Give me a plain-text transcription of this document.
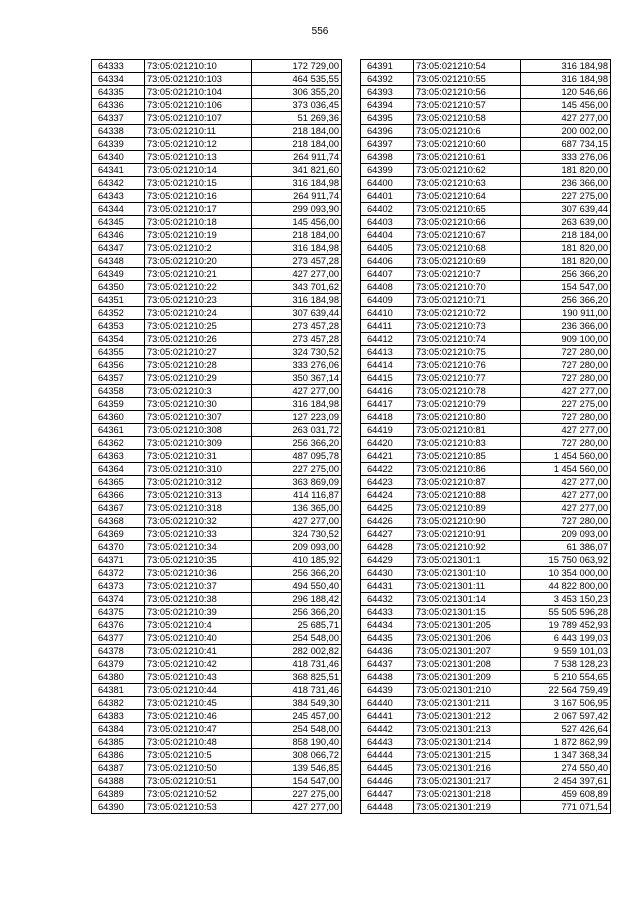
556
64333	73:05:021210:10	172 729,00
64334	73:05:021210:103	464 535,55
64335	73:05:021210:104	306 355,20
64336	73:05:021210:106	373 036,45
64337	73:05:021210:107	51 269,36
64338	73:05:021210:11	218 184,00
64339	73:05:021210:12	218 184,00
64340	73:05:021210:13	264 911,74
64341	73:05:021210:14	341 821,60
64342	73:05:021210:15	316 184,98
64343	73:05:021210:16	264 911,74
64344	73:05:021210:17	299 093,90
64345	73:05:021210:18	145 456,00
64346	73:05:021210:19	218 184,00
64347	73:05:021210:2	316 184,98
64348	73:05:021210:20	273 457,28
64349	73:05:021210:21	427 277,00
64350	73:05:021210:22	343 701,62
64351	73:05:021210:23	316 184,98
64352	73:05:021210:24	307 639,44
64353	73:05:021210:25	273 457,28
64354	73:05:021210:26	273 457,28
64355	73:05:021210:27	324 730,52
64356	73:05:021210:28	333 276,06
64357	73:05:021210:29	350 367,14
64358	73:05:021210:3	427 277,00
64359	73:05:021210:30	316 184,98
64360	73:05:021210:307	127 223,09
64361	73:05:021210:308	263 031,72
64362	73:05:021210:309	256 366,20
64363	73:05:021210:31	487 095,78
64364	73:05:021210:310	227 275,00
64365	73:05:021210:312	363 869,09
64366	73:05:021210:313	414 116,87
64367	73:05:021210:318	136 365,00
64368	73:05:021210:32	427 277,00
64369	73:05:021210:33	324 730,52
64370	73:05:021210:34	209 093,00
64371	73:05:021210:35	410 185,92
64372	73:05:021210:36	256 366,20
64373	73:05:021210:37	494 550,40
64374	73:05:021210:38	296 188,42
64375	73:05:021210:39	256 366,20
64376	73:05:021210:4	25 685,71
64377	73:05:021210:40	254 548,00
64378	73:05:021210:41	282 002,82
64379	73:05:021210:42	418 731,46
64380	73:05:021210:43	368 825,51
64381	73:05:021210:44	418 731,46
64382	73:05:021210:45	384 549,30
64383	73:05:021210:46	245 457,00
64384	73:05:021210:47	254 548,00
64385	73:05:021210:48	858 190,40
64386	73:05:021210:5	308 066,72
64387	73:05:021210:50	139 546,85
64388	73:05:021210:51	154 547,00
64389	73:05:021210:52	227 275,00
64390	73:05:021210:53	427 277,00
64391	73:05:021210:54	316 184,98
64392	73:05:021210:55	316 184,98
64393	73:05:021210:56	120 546,66
64394	73:05:021210:57	145 456,00
64395	73:05:021210:58	427 277,00
64396	73:05:021210:6	200 002,00
64397	73:05:021210:60	687 734,15
64398	73:05:021210:61	333 276,06
64399	73:05:021210:62	181 820,00
64400	73:05:021210:63	236 366,00
64401	73:05:021210:64	227 275,00
64402	73:05:021210:65	307 639,44
64403	73:05:021210:66	263 639,00
64404	73:05:021210:67	218 184,00
64405	73:05:021210:68	181 820,00
64406	73:05:021210:69	181 820,00
64407	73:05:021210:7	256 366,20
64408	73:05:021210:70	154 547,00
64409	73:05:021210:71	256 366,20
64410	73:05:021210:72	190 911,00
64411	73:05:021210:73	236 366,00
64412	73:05:021210:74	909 100,00
64413	73:05:021210:75	727 280,00
64414	73:05:021210:76	727 280,00
64415	73:05:021210:77	727 280,00
64416	73:05:021210:78	427 277,00
64417	73:05:021210:79	227 275,00
64418	73:05:021210:80	727 280,00
64419	73:05:021210:81	427 277,00
64420	73:05:021210:83	727 280,00
64421	73:05:021210:85	1 454 560,00
64422	73:05:021210:86	1 454 560,00
64423	73:05:021210:87	427 277,00
64424	73:05:021210:88	427 277,00
64425	73:05:021210:89	427 277,00
64426	73:05:021210:90	727 280,00
64427	73:05:021210:91	209 093,00
64428	73:05:021210:92	61 386,07
64429	73:05:021301:1	15 750 063,92
64430	73:05:021301:10	10 354 000,00
64431	73:05:021301:11	44 822 800,00
64432	73:05:021301:14	3 453 150,23
64433	73:05:021301:15	55 505 596,28
64434	73:05:021301:205	19 789 452,93
64435	73:05:021301:206	6 443 199,03
64436	73:05:021301:207	9 559 101,03
64437	73:05:021301:208	7 538 128,23
64438	73:05:021301:209	5 210 554,65
64439	73:05:021301:210	22 564 759,49
64440	73:05:021301:211	3 167 506,95
64441	73:05:021301:212	2 067 597,42
64442	73:05:021301:213	527 426,64
64443	73:05:021301:214	1 872 862,99
64444	73:05:021301:215	1 347 368,34
64445	73:05:021301:216	274 550,40
64446	73:05:021301:217	2 454 397,61
64447	73:05:021301:218	459 608,89
64448	73:05:021301:219	771 071,54
